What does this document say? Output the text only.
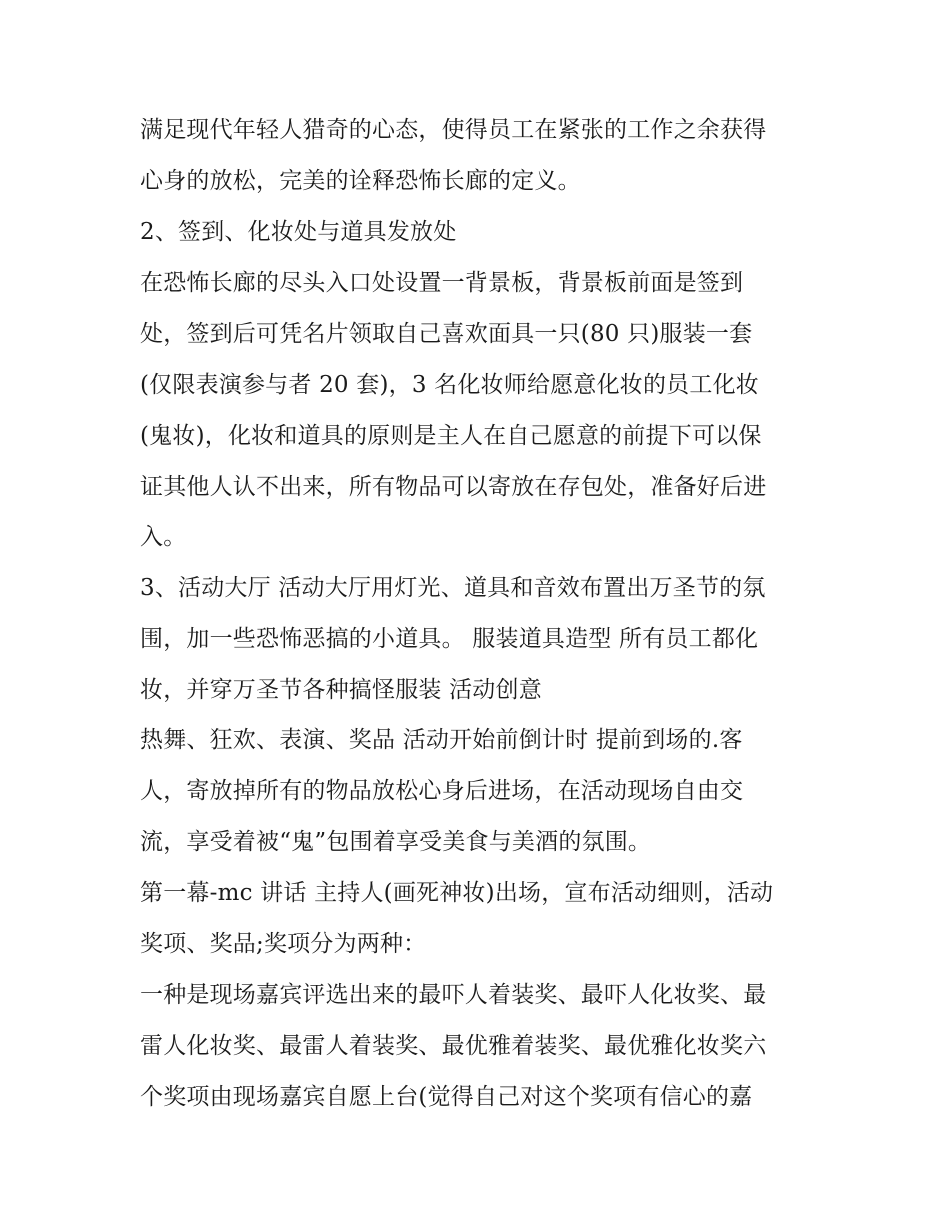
满足现代年轻人猎奇的心态，使得员工在紧张的工作之余获得
心身的放松，完美的诠释恐怖长廊的定义。
2、签到、化妆处与道具发放处
在恐怖长廊的尽头入口处设置一背景板，背景板前面是签到
处，签到后可凭名片领取自己喜欢面具一只(80 只)服装一套
(仅限表演参与者 20 套)，3 名化妆师给愿意化妆的员工化妆
(鬼妆)，化妆和道具的原则是主人在自己愿意的前提下可以保
证其他人认不出来，所有物品可以寄放在存包处，准备好后进
入。
3、活动大厅 活动大厅用灯光、道具和音效布置出万圣节的氛
围，加一些恐怖恶搞的小道具。 服装道具造型 所有员工都化
妆，并穿万圣节各种搞怪服装 活动创意
热舞、狂欢、表演、奖品 活动开始前倒计时 提前到场的.客
人，寄放掉所有的物品放松心身后进场，在活动现场自由交
流，享受着被“鬼”包围着享受美食与美酒的氛围。
第一幕-mc 讲话 主持人(画死神妆)出场，宣布活动细则，活动
奖项、奖品;奖项分为两种：
一种是现场嘉宾评选出来的最吓人着装奖、最吓人化妆奖、最
雷人化妆奖、最雷人着装奖、最优雅着装奖、最优雅化妆奖六
个奖项由现场嘉宾自愿上台(觉得自己对这个奖项有信心的嘉
